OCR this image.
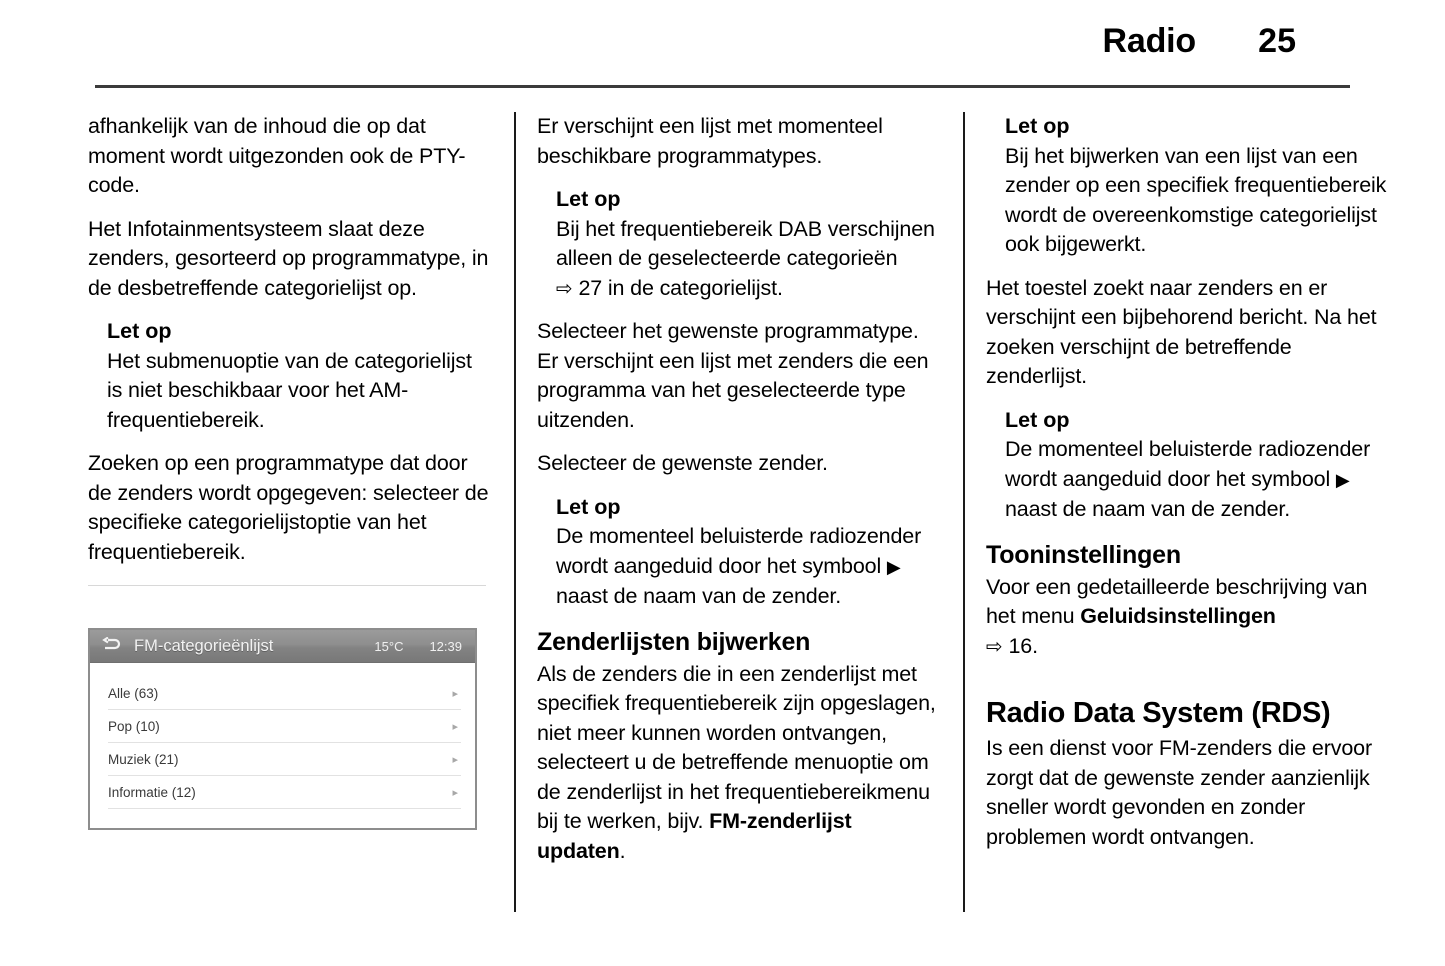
Radio 25

afhankelijk van de inhoud die op dat moment wordt uitgezonden ook de PTY-code.

Het Infotainmentsysteem slaat deze zenders, gesorteerd op programmatype, in de desbetreffende categorielijst op.

Let op
Het submenuoptie van de categorielijst is niet beschikbaar voor het AM-frequentiebereik.

Zoeken op een programmatype dat door de zenders wordt opgegeven: selecteer de specifieke categorielijstoptie van het frequentiebereik.

FM-categorieënlijst	15°C 12:39
Alle (63)	▸
Pop (10)	▸
Muziek (21)	▸
Informatie (12)	▸

Er verschijnt een lijst met momenteel beschikbare programmatypes.

Let op
Bij het frequentiebereik DAB verschijnen alleen de geselecteerde categorieën ⇨ 27 in de categorielijst.

Selecteer het gewenste programmatype. Er verschijnt een lijst met zenders die een programma van het geselecteerde type uitzenden.

Selecteer de gewenste zender.

Let op
De momenteel beluisterde radiozender wordt aangeduid door het symbool ▶ naast de naam van de zender.
Zenderlijsten bijwerken

Als de zenders die in een zenderlijst met specifiek frequentiebereik zijn opgeslagen, niet meer kunnen worden ontvangen, selecteert u de betreffende menuoptie om de zenderlijst in het frequentiebereikmenu bij te werken, bijv. FM-zenderlijst updaten.

Let op
Bij het bijwerken van een lijst van een zender op een specifiek frequentiebereik wordt de overeenkomstige categorielijst ook bijgewerkt.

Het toestel zoekt naar zenders en er verschijnt een bijbehorend bericht. Na het zoeken verschijnt de betreffende zenderlijst.

Let op
De momenteel beluisterde radiozender wordt aangeduid door het symbool ▶ naast de naam van de zender.
Tooninstellingen

Voor een gedetailleerde beschrijving van het menu Geluidsinstellingen
⇨ 16.

Radio Data System (RDS)

Is een dienst voor FM-zenders die ervoor zorgt dat de gewenste zender aanzienlijk sneller wordt gevonden en zonder problemen wordt ontvangen.
